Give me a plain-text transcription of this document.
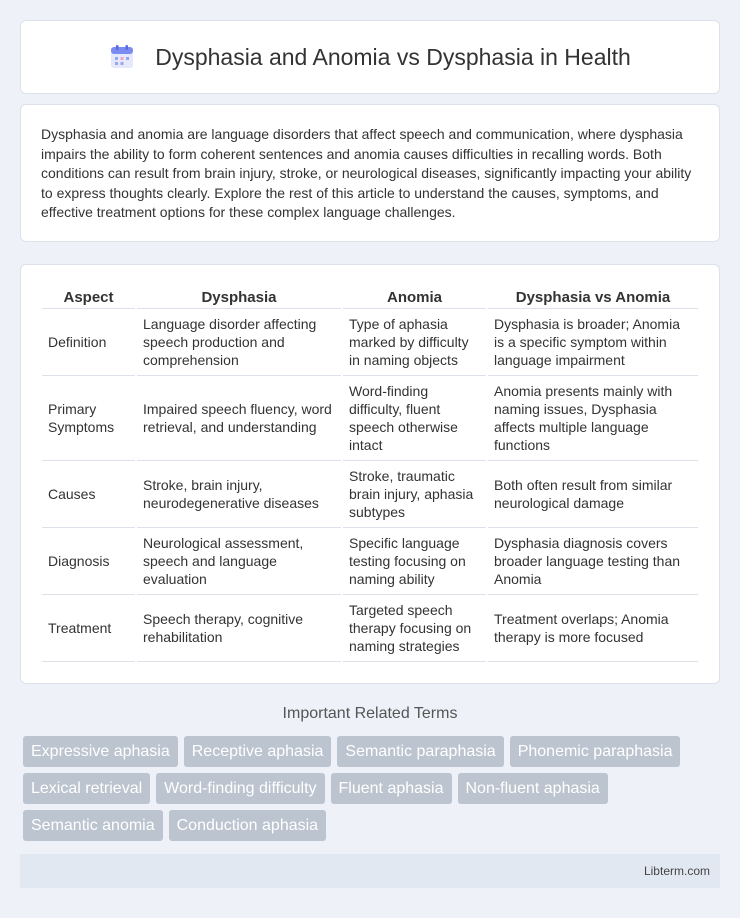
Dysphasia and Anomia vs Dysphasia in Health

Dysphasia and anomia are language disorders that affect speech and communication, where dysphasia impairs the ability to form coherent sentences and anomia causes difficulties in recalling words. Both conditions can result from brain injury, stroke, or neurological diseases, significantly impacting your ability to express thoughts clearly. Explore the rest of this article to understand the causes, symptoms, and effective treatment options for these complex language challenges.

Aspect	Dysphasia	Anomia	Dysphasia vs Anomia
Definition	Language disorder affecting speech production and comprehension	Type of aphasia marked by difficulty in naming objects	Dysphasia is broader; Anomia is a specific symptom within language impairment
Primary Symptoms	Impaired speech fluency, word retrieval, and understanding	Word-finding difficulty, fluent speech otherwise intact	Anomia presents mainly with naming issues, Dysphasia affects multiple language functions
Causes	Stroke, brain injury, neurodegenerative diseases	Stroke, traumatic brain injury, aphasia subtypes	Both often result from similar neurological damage
Diagnosis	Neurological assessment, speech and language evaluation	Specific language testing focusing on naming ability	Dysphasia diagnosis covers broader language testing than Anomia
Treatment	Speech therapy, cognitive rehabilitation	Targeted speech therapy focusing on naming strategies	Treatment overlaps; Anomia therapy is more focused
Important Related Terms
Expressive aphasia	Receptive aphasia	Semantic paraphasia	Phonemic paraphasia
Lexical retrieval	Word-finding difficulty	Fluent aphasia	Non-fluent aphasia
Semantic anomia	Conduction aphasia
Libterm.com
